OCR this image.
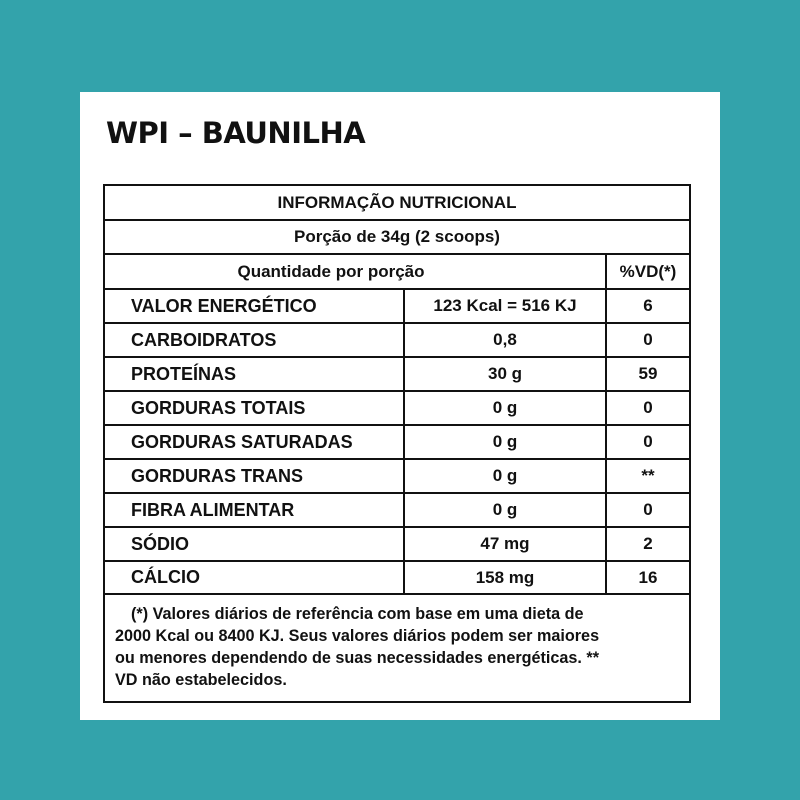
WPI – BAUNILHA
INFORMAÇÃO NUTRICIONAL
Porção de 34g (2 scoops)
Quantidade por porção	%VD(*)
VALOR ENERGÉTICO	123 Kcal = 516 KJ	6
CARBOIDRATOS	0,8	0
PROTEÍNAS	30 g	59
GORDURAS TOTAIS	0 g	0
GORDURAS SATURADAS	0 g	0
GORDURAS TRANS	0 g	**
FIBRA ALIMENTAR	0 g	0
SÓDIO	47 mg	2
CÁLCIO	158 mg	16
(*) Valores diários de referência com base em uma dieta de
2000 Kcal ou 8400 KJ. Seus valores diários podem ser maiores
ou menores dependendo de suas necessidades energéticas. **
VD não estabelecidos.
